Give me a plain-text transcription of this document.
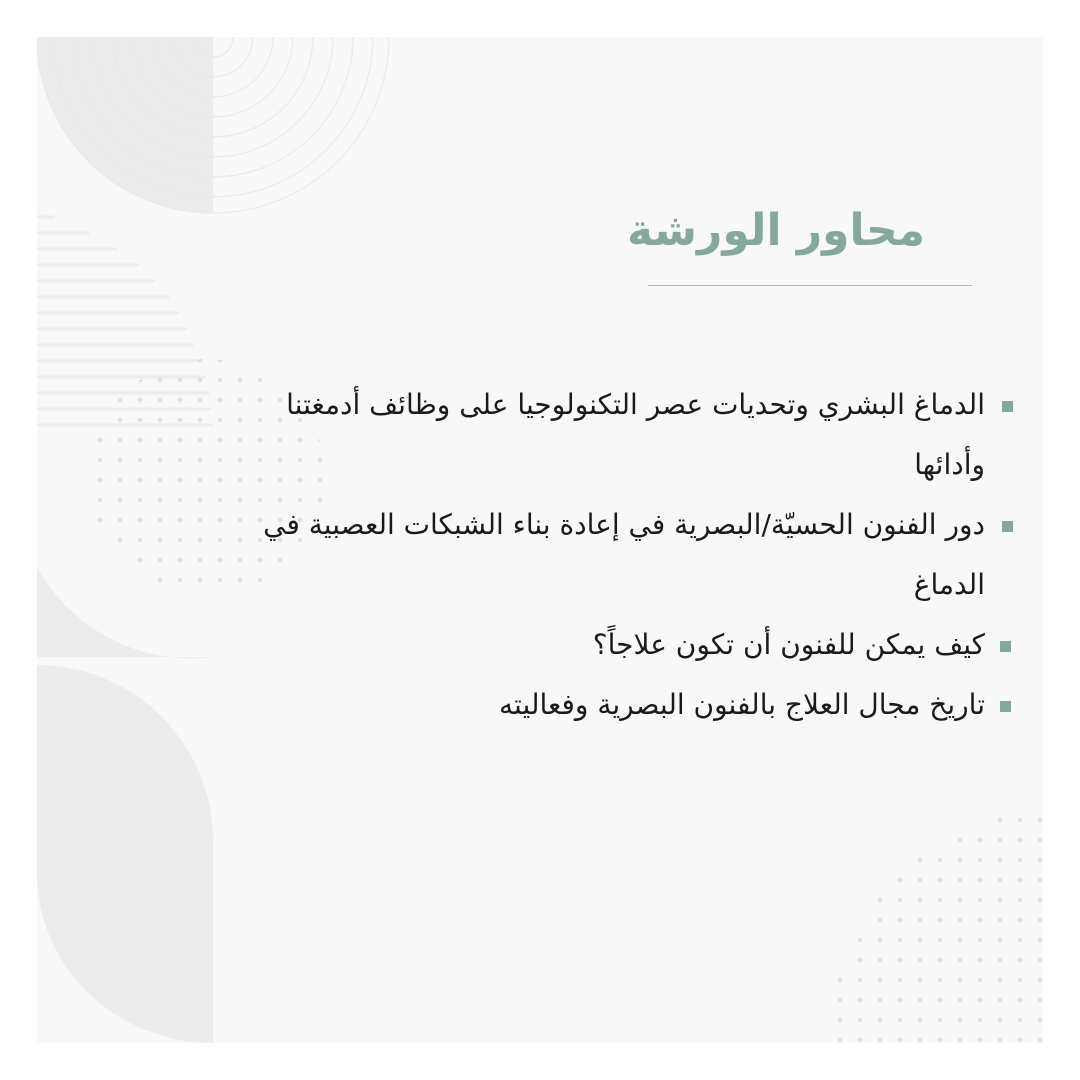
محاور الورشة
الدماغ البشري وتحديات عصر التكنولوجيا على وظائف أدمغتنا وأدائها
دور الفنون الحسيّة/البصرية في إعادة بناء الشبكات العصبية في الدماغ
كيف يمكن للفنون أن تكون علاجاً؟
تاريخ مجال العلاج بالفنون البصرية وفعاليته
